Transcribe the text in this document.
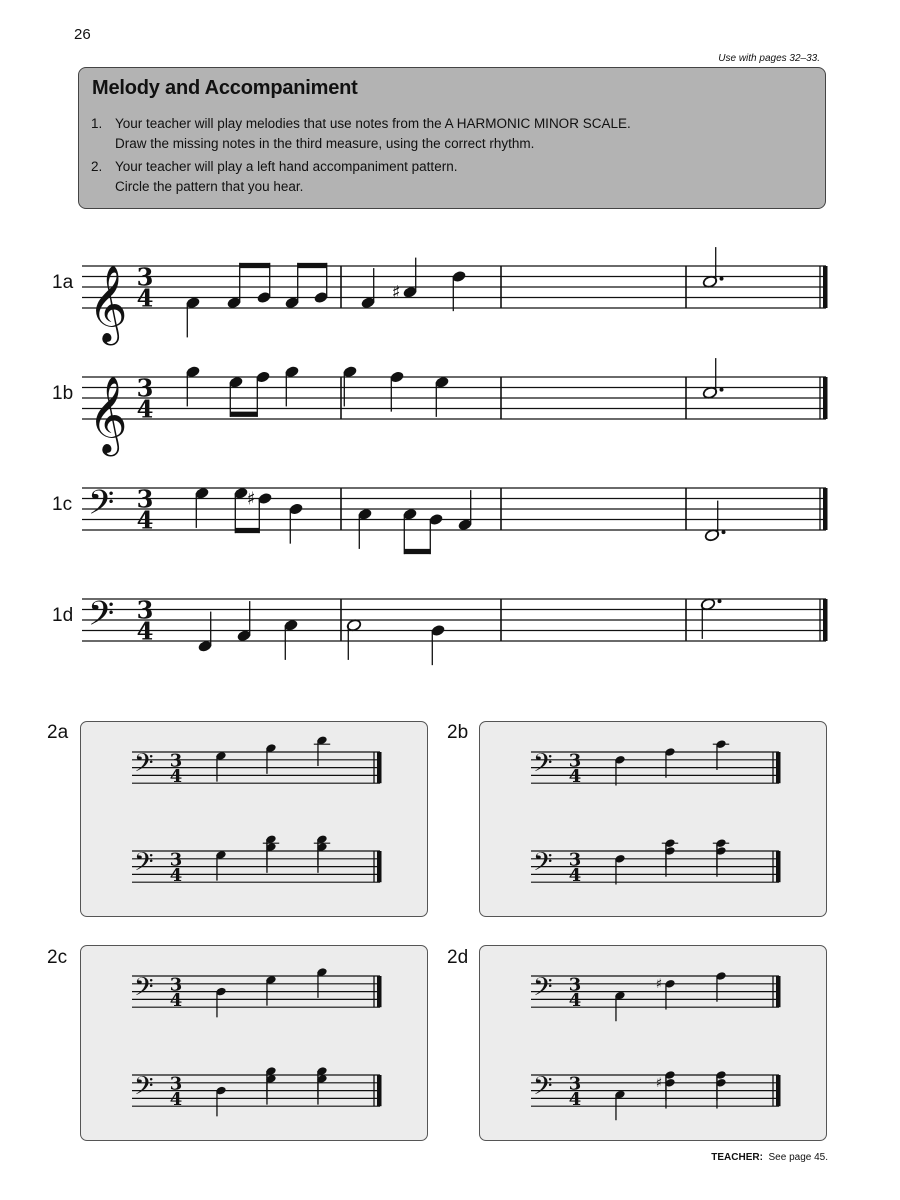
26
Use with pages 32–33.
Melody and Accompaniment
1. Your teacher will play melodies that use notes from the A HARMONIC MINOR SCALE.
Draw the missing notes in the third measure, using the correct rhythm.
2. Your teacher will play a left hand accompaniment pattern.
Circle the pattern that you hear.
1a
1b
1c
1d
𝄞 3
4	♯
𝄞 3
4
𝄢 3
4
♯
𝄢 3
4
2a	2b
2c	2d
𝄢 3
4
𝄢 3
4
𝄢 3
4
𝄢 3
4
𝄢 3
4
𝄢 3
4
𝄢 3
4
♯
𝄢 3
4
♯
TEACHER: See page 45.
